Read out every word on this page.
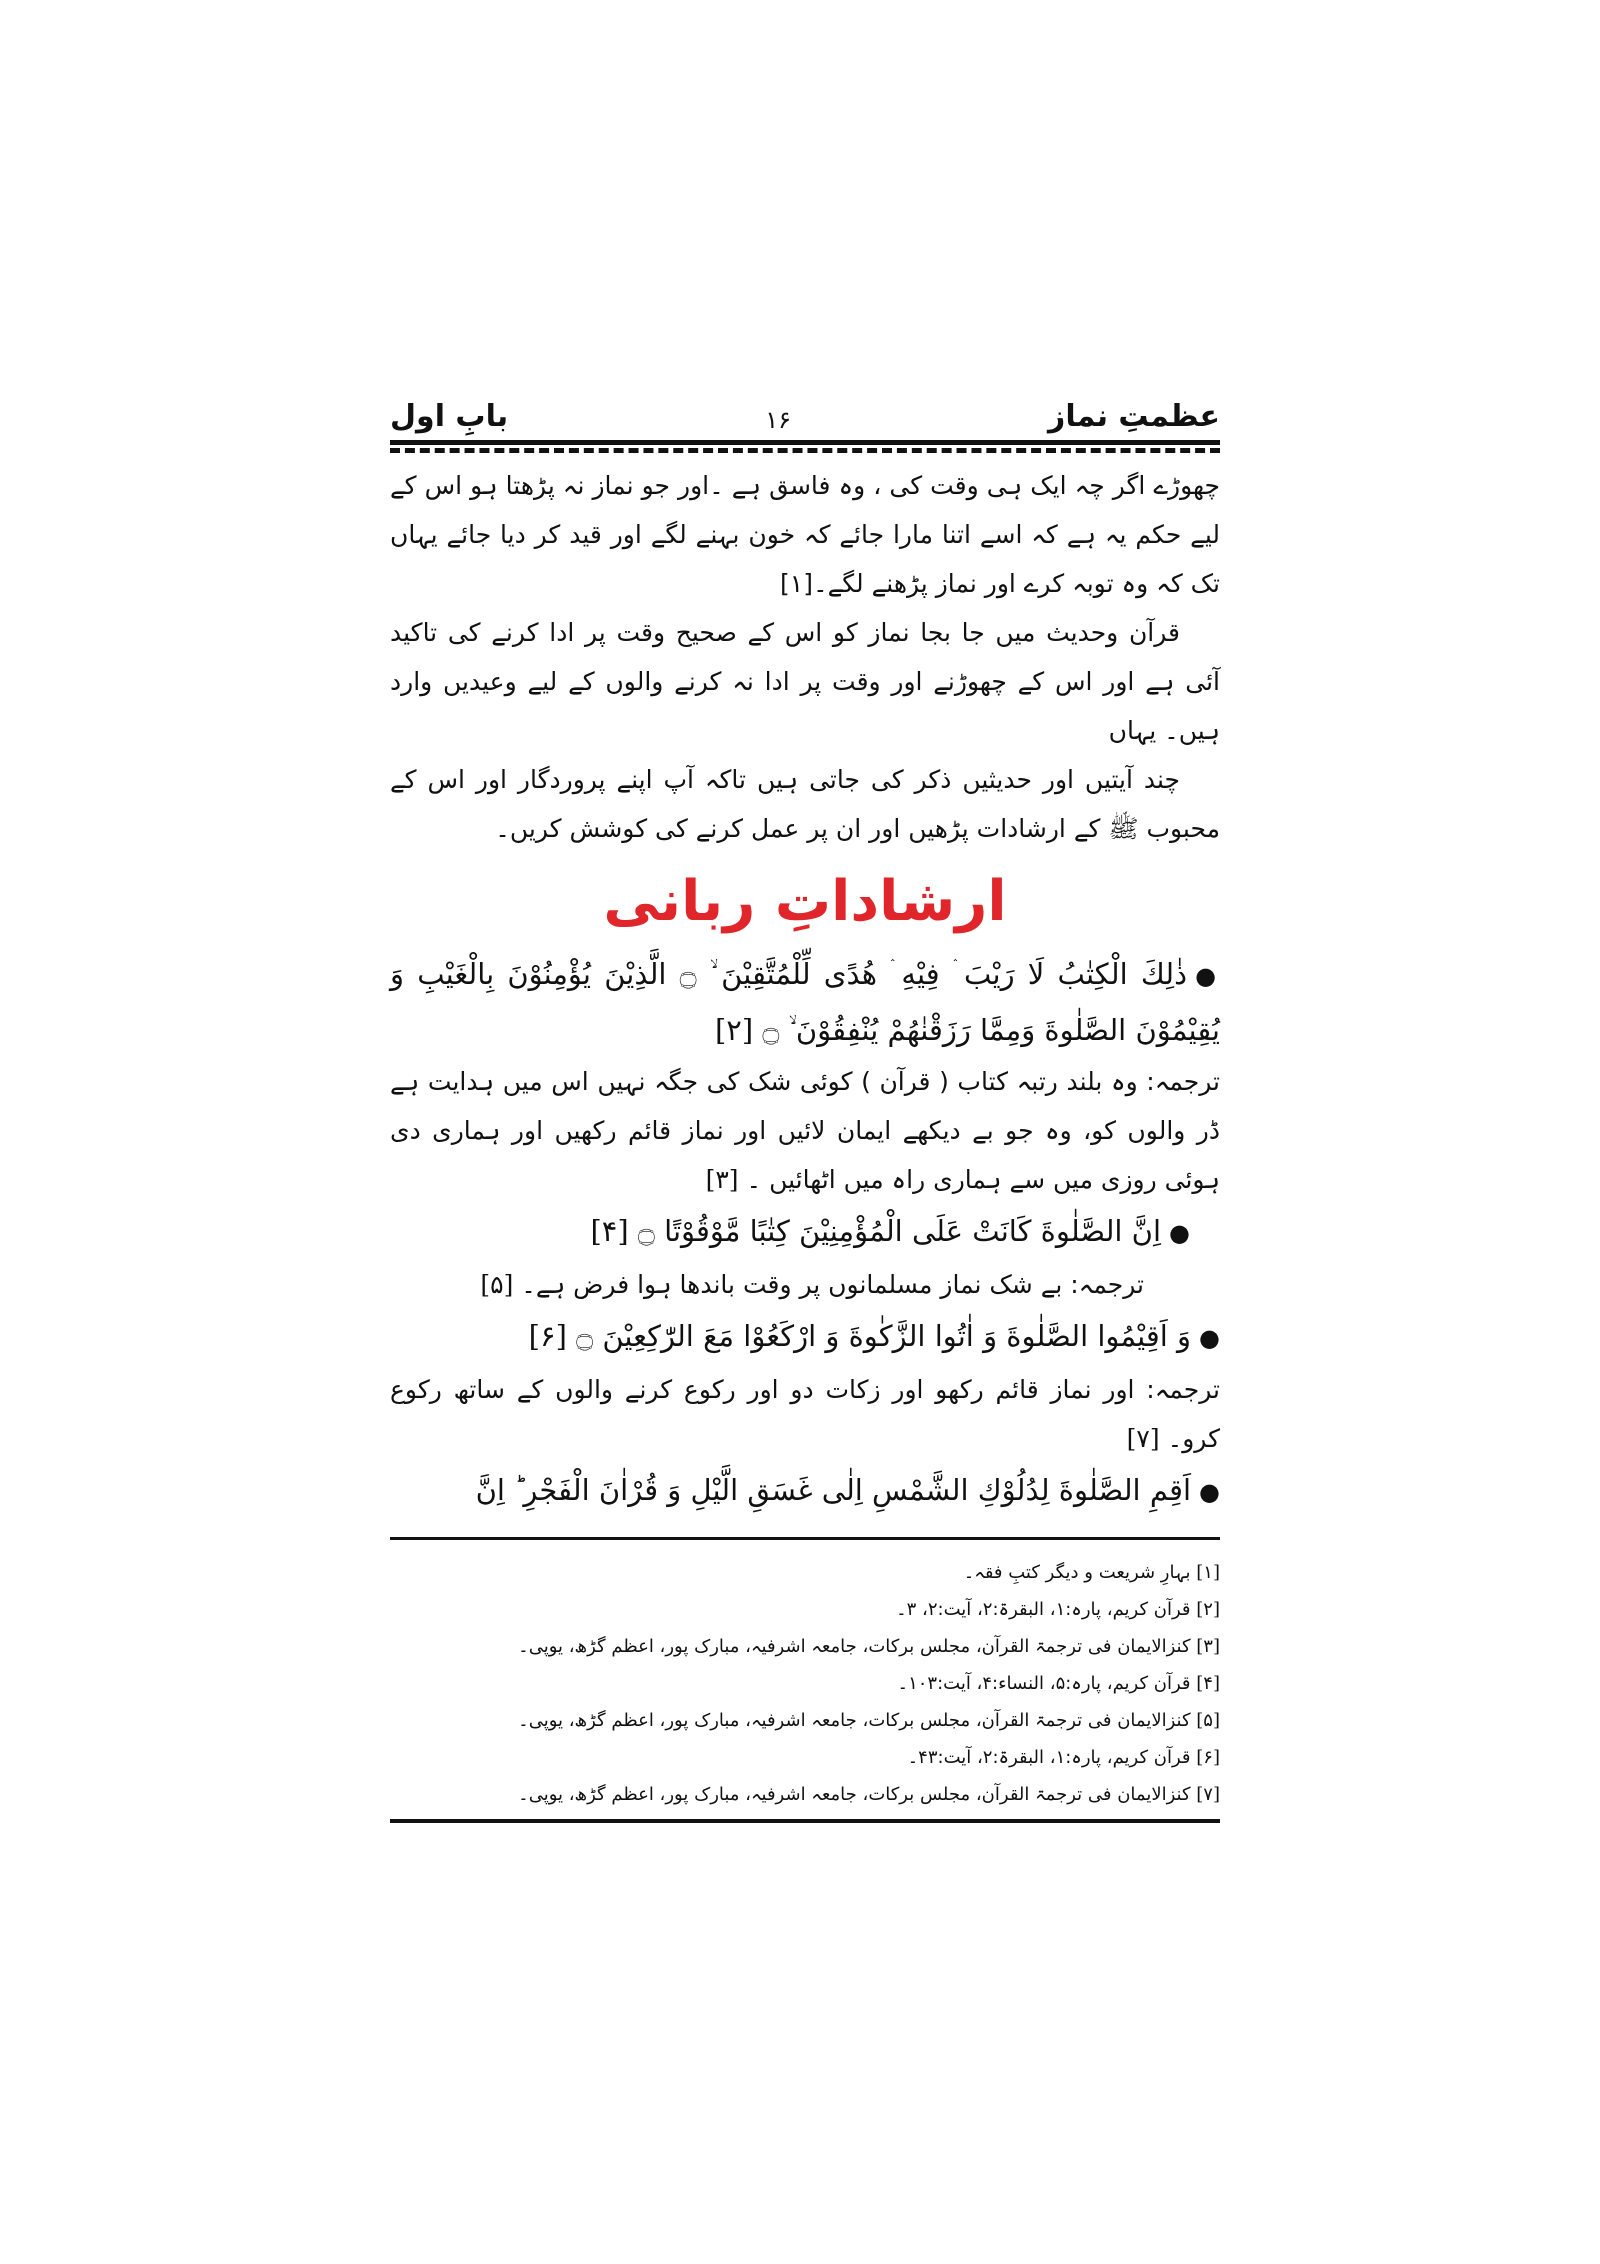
عظمتِ نماز
۱۶
بابِ اول

چھوڑے اگر چہ ایک ہی وقت کی ، وہ فاسق ہے ۔اور جو نماز نہ پڑھتا ہو اس کے لیے حکم یہ ہے کہ اسے اتنا مارا جائے کہ خون بہنے لگے اور قید کر دیا جائے یہاں تک کہ وہ توبہ کرے اور نماز پڑھنے لگے۔[۱]

قرآن وحدیث میں جا بجا نماز کو اس کے صحیح وقت پر ادا کرنے کی تاکید آئی ہے اور اس کے چھوڑنے اور وقت پر ادا نہ کرنے والوں کے لیے وعیدیں وارد ہیں۔ یہاں

چند آیتیں اور حدیثیں ذکر کی جاتی ہیں تاکہ آپ اپنے پروردگار اور اس کے محبوب ﷺ کے ارشادات پڑھیں اور ان پر عمل کرنے کی کوشش کریں۔

ارشاداتِ ربانی

●ذٰلِكَ الْكِتٰبُ لَا رَيْبَ ۛ فِيْهِ ۛ هُدًى لِّلْمُتَّقِيْنَ ۙ ۝ الَّذِيْنَ يُؤْمِنُوْنَ بِالْغَيْبِ وَ يُقِيْمُوْنَ الصَّلٰوةَ وَمِمَّا رَزَقْنٰهُمْ يُنْفِقُوْنَ ۙ ۝ [۲]

ترجمہ: وہ بلند رتبہ کتاب ( قرآن ) کوئی شک کی جگہ نہیں اس میں ہدایت ہے ڈر والوں کو، وہ جو بے دیکھے ایمان لائیں اور نماز قائم رکھیں اور ہماری دی ہوئی روزی میں سے ہماری راہ میں اٹھائیں ۔ [۳]

●اِنَّ الصَّلٰوةَ كَانَتْ عَلَى الْمُؤْمِنِيْنَ كِتٰبًا مَّوْقُوْتًا ۝ [۴]

ترجمہ: بے شک نماز مسلمانوں پر وقت باندھا ہوا فرض ہے۔ [۵]

●وَ اَقِيْمُوا الصَّلٰوةَ وَ اٰتُوا الزَّكٰوةَ وَ ارْكَعُوْا مَعَ الرّٰكِعِيْنَ ۝ [۶]

ترجمہ: اور نماز قائم رکھو اور زکات دو اور رکوع کرنے والوں کے ساتھ رکوع کرو۔ [۷]

●اَقِمِ الصَّلٰوةَ لِدُلُوْكِ الشَّمْسِ اِلٰى غَسَقِ الَّيْلِ وَ قُرْاٰنَ الْفَجْرِ ؕ اِنَّ

[۱] بہارِ شریعت و دیگر کتبِ فقہ۔

[۲] قرآن کریم، پارہ:۱، البقرۃ:۲، آیت:۲، ۳۔

[۳] کنزالایمان فی ترجمۃ القرآن، مجلس برکات، جامعہ اشرفیہ، مبارک پور، اعظم گڑھ، یوپی۔

[۴] قرآن کریم، پارہ:۵، النساء:۴، آیت:۱۰۳۔

[۵] کنزالایمان فی ترجمۃ القرآن، مجلس برکات، جامعہ اشرفیہ، مبارک پور، اعظم گڑھ، یوپی۔

[۶] قرآن کریم، پارہ:۱، البقرۃ:۲، آیت:۴۳۔

[۷] کنزالایمان فی ترجمۃ القرآن، مجلس برکات، جامعہ اشرفیہ، مبارک پور، اعظم گڑھ، یوپی۔
